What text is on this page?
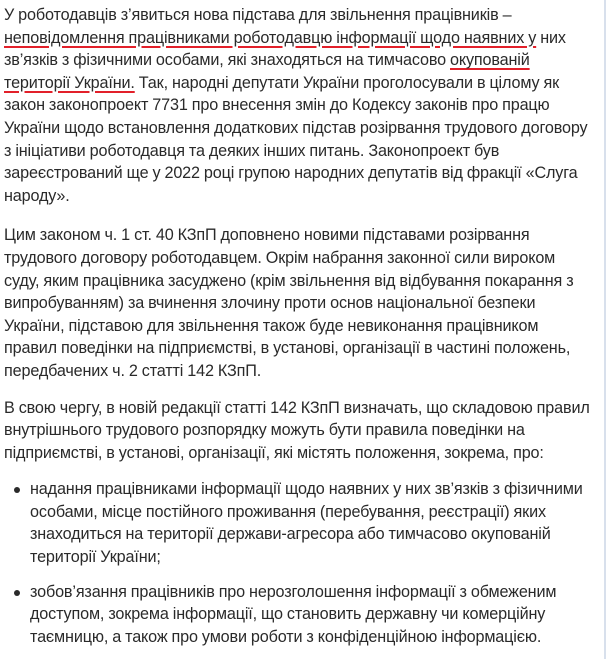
У роботодавців з’явиться нова підстава для звільнення працівників – неповідомлення працівниками роботодавцю інформації щодо наявних у них зв’язків з фізичними особами, які знаходяться на тимчасово окупованій території України. Так, народні депутати України проголосували в цілому як закон законопроект 7731 про внесення змін до Кодексу законів про працю України щодо встановлення додаткових підстав розірвання трудового договору з ініціативи роботодавця та деяких інших питань. Законопроект був зареєстрований ще у 2022 році групою народних депутатів від фракції «Слуга народу».

Цим законом ч. 1 ст. 40 КЗпП доповнено новими підставами розірвання трудового договору роботодавцем. Окрім набрання законної сили вироком суду, яким працівника засуджено (крім звільнення від відбування покарання з випробуванням) за вчинення злочину проти основ національної безпеки України, підставою для звільнення також буде невиконання працівником правил поведінки на підприємстві, в установі, організації в частині положень, передбачених ч. 2 статті 142 КЗпП.

В свою чергу, в новій редакції статті 142 КЗпП визначать, що складовою правил внутрішнього трудового розпорядку можуть бути правила поведінки на підприємстві, в установі, організації, які містять положення, зокрема, про:

надання працівниками інформації щодо наявних у них зв’язків з фізичними особами, місце постійного проживання (перебування, реєстрації) яких знаходиться на території держави-агресора або тимчасово окупованій території України;
зобов’язання працівників про нерозголошення інформації з обмеженим доступом, зокрема інформації, що становить державну чи комерційну таємницю, а також про умови роботи з конфіденційною інформацією.
